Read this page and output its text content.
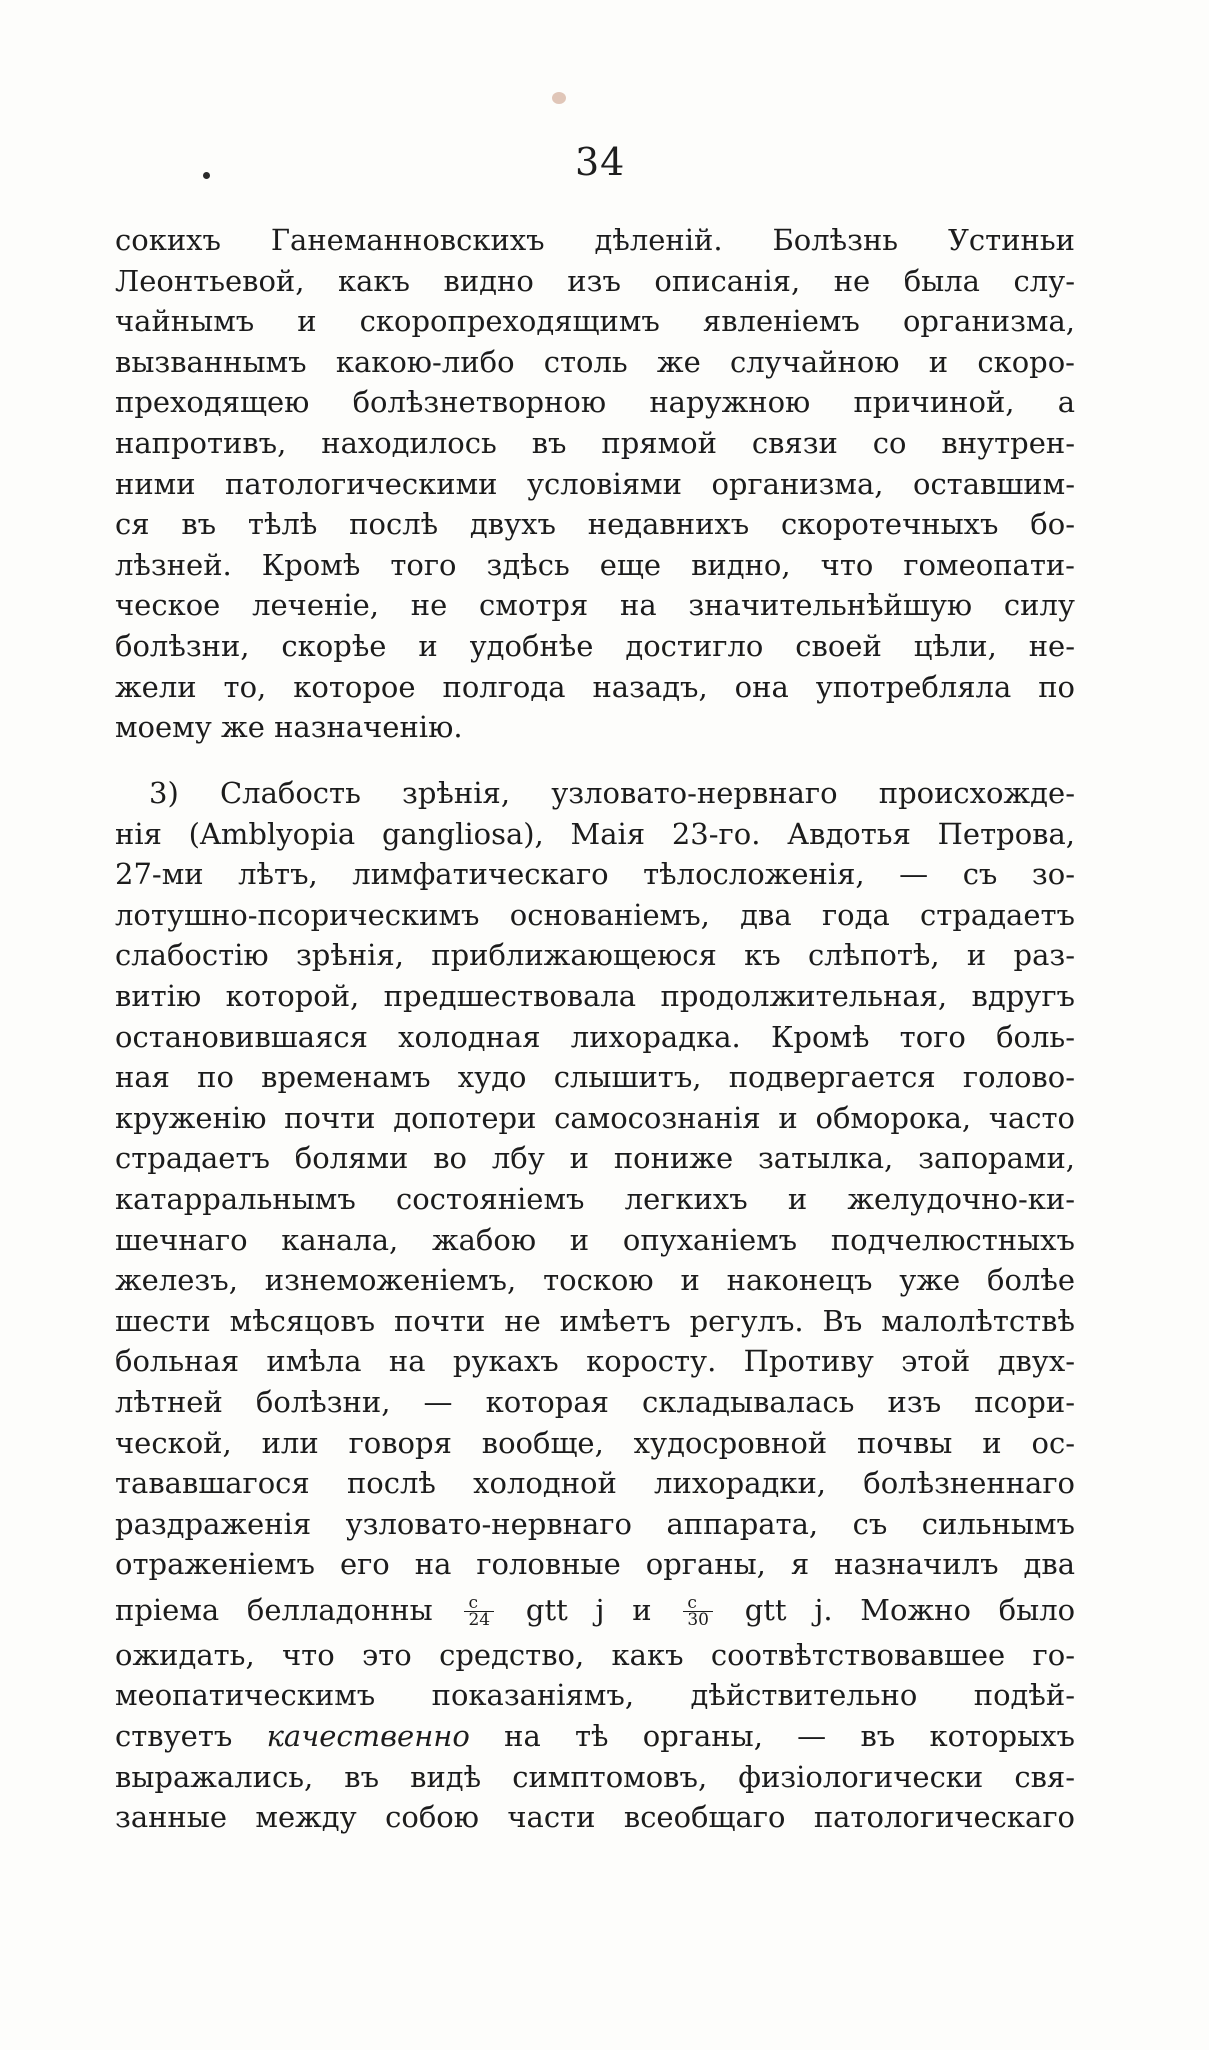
34
сокихъ Ганеманновскихъ дѣленій. Болѣзнь Устиньи
Леонтьевой, какъ видно изъ описанія, не была слу-
чайнымъ и скоропреходящимъ явленіемъ организма,
вызваннымъ какою-либо столь же случайною и скоро-
преходящею болѣзнетворною наружною причиной, а
напротивъ, находилось въ прямой связи со внутрен-
ними патологическими условіями организма, оставшим-
ся въ тѣлѣ послѣ двухъ недавнихъ скоротечныхъ бо-
лѣзней. Кромѣ того здѣсь еще видно, что гомеопати-
ческое леченіе, не смотря на значительнѣйшую силу
болѣзни, скорѣе и удобнѣе достигло своей цѣли, не-
жели то, которое полгода назадъ, она употребляла по
моему же назначенію.
3) Слабость зрѣнія, узловато-нервнаго происхожде-
нія (Amblyopia gangliosa), Маія 23-го. Авдотья Петрова,
27-ми лѣтъ, лимфатическаго тѣлосложенія, — съ зо-
лотушно-псорическимъ основаніемъ, два года страдаетъ
слабостію зрѣнія, приближающеюся къ слѣпотѣ, и раз-
витію которой, предшествовала продолжительная, вдругъ
остановившаяся холодная лихорадка. Кромѣ того боль-
ная по временамъ худо слышитъ, подвергается голово-
круженію почти допотери самосознанія и обморока, часто
страдаетъ болями во лбу и пониже затылка, запорами,
катарральнымъ состояніемъ легкихъ и желудочно-ки-
шечнаго канала, жабою и опуханіемъ подчелюстныхъ
железъ, изнеможеніемъ, тоскою и наконецъ уже болѣе
шести мѣсяцовъ почти не имѣетъ регулъ. Въ малолѣтствѣ
больная имѣла на рукахъ коросту. Противу этой двух-
лѣтней болѣзни, — которая складывалась изъ псори-
ческой, или говоря вообще, худосровной почвы и ос-
тававшагося послѣ холодной лихорадки, болѣзненнаго
раздраженія узловато-нервнаго аппарата, съ сильнымъ
отраженіемъ его на головные органы, я назначилъ два
пріема белладонны $\frac{c}{24}$ gtt j и $\frac{c}{30}$ gtt j. Можно было
ожидать, что это средство, какъ соотвѣтствовавшее го-
меопатическимъ показаніямъ, дѣйствительно подѣй-
ствуетъ качественно на тѣ органы, — въ которыхъ
выражались, въ видѣ симптомовъ, физіологически свя-
занные между собою части всеобщаго патологическаго
